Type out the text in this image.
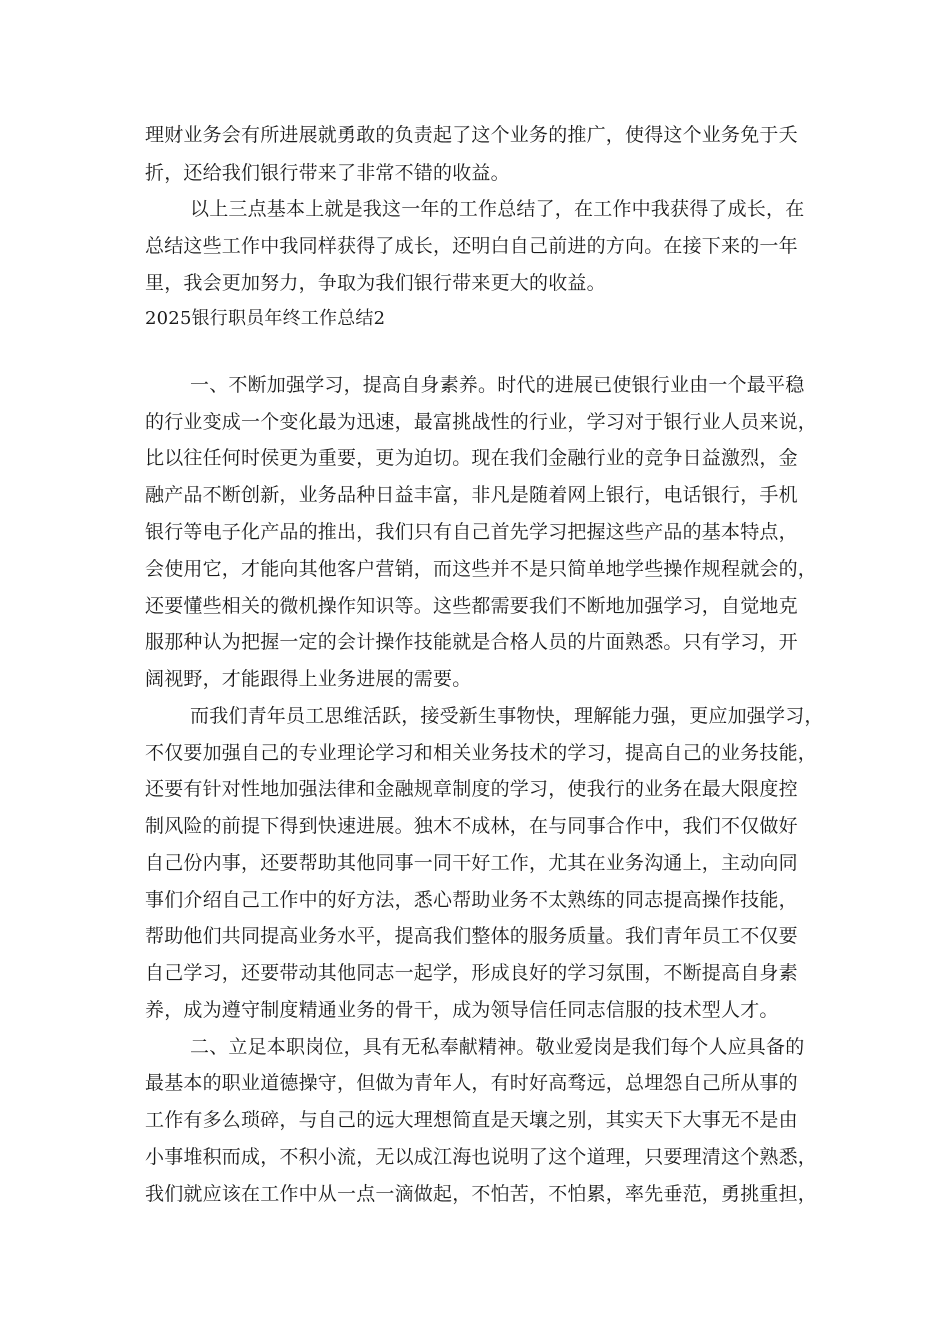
理财业务会有所进展就勇敢的负责起了这个业务的推广，使得这个业务免于夭
折，还给我们银行带来了非常不错的收益。
以上三点基本上就是我这一年的工作总结了，在工作中我获得了成长，在
总结这些工作中我同样获得了成长，还明白自己前进的方向。在接下来的一年
里，我会更加努力，争取为我们银行带来更大的收益。
2025银行职员年终工作总结2
一、不断加强学习，提高自身素养。时代的进展已使银行业由一个最平稳
的行业变成一个变化最为迅速，最富挑战性的行业，学习对于银行业人员来说，
比以往任何时侯更为重要，更为迫切。现在我们金融行业的竞争日益激烈，金
融产品不断创新，业务品种日益丰富，非凡是随着网上银行，电话银行，手机
银行等电子化产品的推出，我们只有自己首先学习把握这些产品的基本特点，
会使用它，才能向其他客户营销，而这些并不是只简单地学些操作规程就会的，
还要懂些相关的微机操作知识等。这些都需要我们不断地加强学习，自觉地克
服那种认为把握一定的会计操作技能就是合格人员的片面熟悉。只有学习，开
阔视野，才能跟得上业务进展的需要。
而我们青年员工思维活跃，接受新生事物快，理解能力强，更应加强学习，
不仅要加强自己的专业理论学习和相关业务技术的学习，提高自己的业务技能，
还要有针对性地加强法律和金融规章制度的学习，使我行的业务在最大限度控
制风险的前提下得到快速进展。独木不成林，在与同事合作中，我们不仅做好
自己份内事，还要帮助其他同事一同干好工作，尤其在业务沟通上，主动向同
事们介绍自己工作中的好方法，悉心帮助业务不太熟练的同志提高操作技能，
帮助他们共同提高业务水平，提高我们整体的服务质量。我们青年员工不仅要
自己学习，还要带动其他同志一起学，形成良好的学习氛围，不断提高自身素
养，成为遵守制度精通业务的骨干，成为领导信任同志信服的技术型人才。
二、立足本职岗位，具有无私奉献精神。敬业爱岗是我们每个人应具备的
最基本的职业道德操守，但做为青年人，有时好高骛远，总埋怨自己所从事的
工作有多么琐碎，与自己的远大理想简直是天壤之别，其实天下大事无不是由
小事堆积而成，不积小流，无以成江海也说明了这个道理，只要理清这个熟悉，
我们就应该在工作中从一点一滴做起，不怕苦，不怕累，率先垂范，勇挑重担，
